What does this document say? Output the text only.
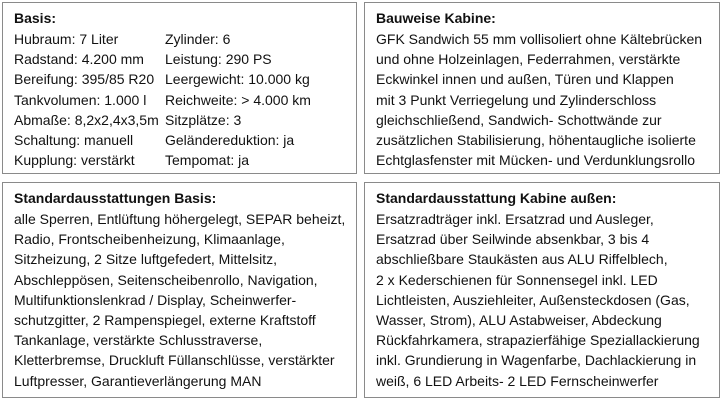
Basis:
Hubraum: 7 Liter	Zylinder: 6
Radstand: 4.200 mm	Leistung: 290 PS
Bereifung: 395/85 R20 Leergewicht: 10.000 kg
Tankvolumen: 1.000 l	Reichweite: > 4.000 km
Abmaße: 8,2x2,4x3,5m Sitzplätze: 3
Schaltung: manuell	Geländereduktion: ja
Kupplung: verstärkt	Tempomat: ja
Bauweise Kabine:
GFK Sandwich 55 mm vollisoliert ohne Kältebrücken
und ohne Holzeinlagen, Federrahmen, verstärkte
Eckwinkel innen und außen, Türen und Klappen
mit 3 Punkt Verriegelung und Zylinderschloss
gleichschließend, Sandwich- Schottwände zur
zusätzlichen Stabilisierung, höhentaugliche isolierte
Echtglasfenster mit Mücken- und Verdunklungsrollo
Standardausstattungen Basis:
alle Sperren, Entlüftung höhergelegt, SEPAR beheizt,
Radio, Frontscheibenheizung, Klimaanlage,
Sitzheizung, 2 Sitze luftgefedert, Mittelsitz,
Abschleppösen, Seitenscheibenrollo, Navigation,
Multifunktionslenkrad / Display, Scheinwerfer-
schutzgitter, 2 Rampenspiegel, externe Kraftstoff
Tankanlage, verstärkte Schlusstraverse,
Kletterbremse, Druckluft Füllanschlüsse, verstärkter
Luftpresser, Garantieverlängerung MAN
Standardausstattung Kabine außen:
Ersatzradträger inkl. Ersatzrad und Ausleger,
Ersatzrad über Seilwinde absenkbar, 3 bis 4
abschließbare Staukästen aus ALU Riffelblech,
2 x Kederschienen für Sonnensegel inkl. LED
Lichtleisten, Ausziehleiter, Außensteckdosen (Gas,
Wasser, Strom), ALU Astabweiser, Abdeckung
Rückfahrkamera, strapazierfähige Speziallackierung
inkl. Grundierung in Wagenfarbe, Dachlackierung in
weiß, 6 LED Arbeits- 2 LED Fernscheinwerfer
